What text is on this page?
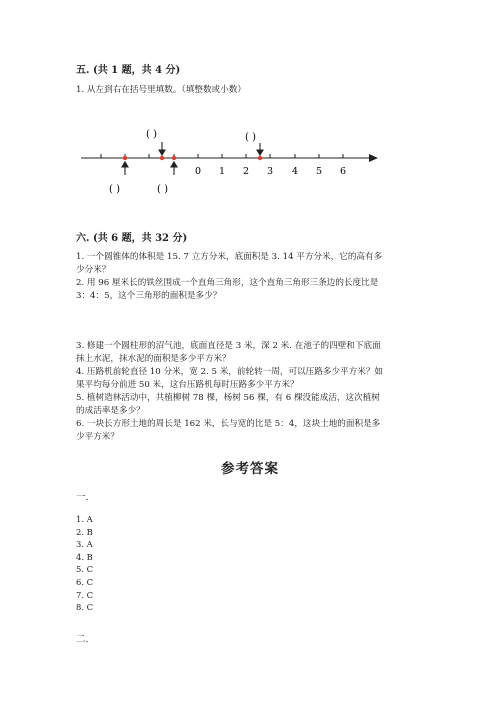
五. (共 1 题，共 4 分)
1. 从左到右在括号里填数。（填整数或小数）
( )	( )
0 1 2 3 4 5 6
( )	( )
六. (共 6 题，共 32 分)
1. 一个圆锥体的体积是 15. 7 立方分米，底面积是 3. 14 平方分米，它的高有多
少分米？
2. 用 96 厘米长的铁丝围成一个直角三角形，这个直角三角形三条边的长度比是
3：4：5，这个三角形的面积是多少？
3. 修建一个圆柱形的沼气池，底面直径是 3 米，深 2 米. 在池子的四壁和下底面
抹上水泥，抹水泥的面积是多少平方米？
4. 压路机前轮直径 10 分米，宽 2. 5 米，前轮转一周，可以压路多少平方米？如
果平均每分前进 50 米，这台压路机每时压路多少平方米？
5. 植树造林活动中，共植柳树 78 棵，杨树 56 棵，有 6 棵没能成活，这次植树
的成活率是多少？
6. 一块长方形土地的周长是 162 米，长与宽的比是 5：4，这块土地的面积是多
少平方米？
参考答案
一.
1. A
2. B
3. A
4. B
5. C
6. C
7. C
8. C
二.
